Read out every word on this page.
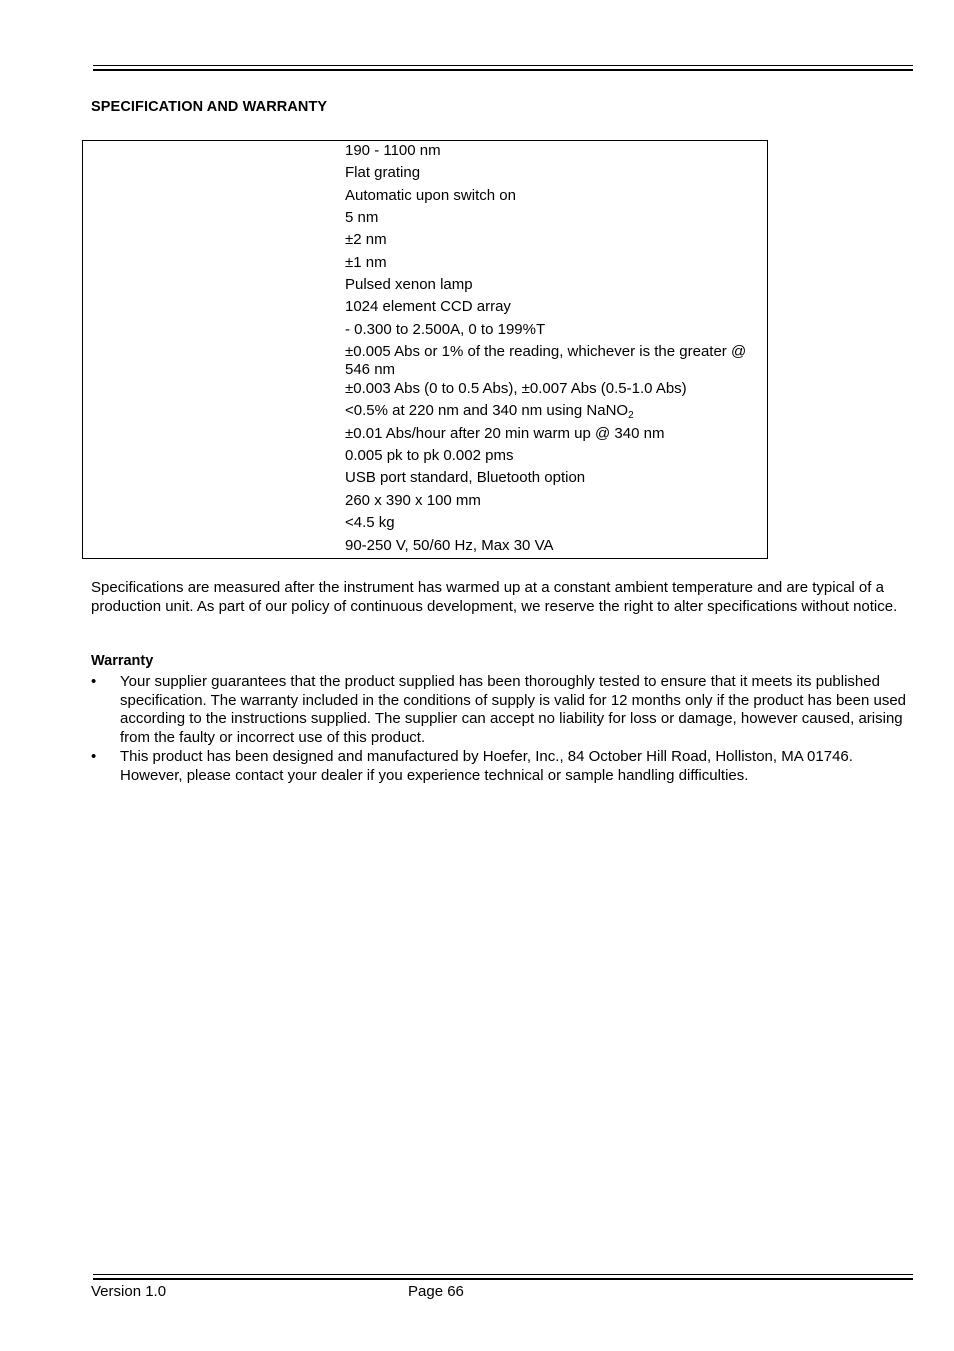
SPECIFICATION AND WARRANTY
190 - 1100 nm
Flat grating
Automatic upon switch on
5 nm
±2 nm
±1 nm
Pulsed xenon lamp
1024 element CCD array
- 0.300 to 2.500A, 0 to 199%T
±0.005 Abs or 1% of the reading, whichever is the greater @ 546 nm
±0.003 Abs (0 to 0.5 Abs), ±0.007 Abs (0.5-1.0 Abs)
<0.5% at 220 nm and 340 nm using NaNO$_2$
±0.01 Abs/hour after 20 min warm up @ 340 nm
0.005 pk to pk 0.002 pms
USB port standard, Bluetooth option
260 x 390 x 100 mm
<4.5 kg
90-250 V, 50/60 Hz, Max 30 VA
Specifications are measured after the instrument has warmed up at a constant ambient temperature and are typical of a production unit. As part of our policy of continuous development, we reserve the right to alter specifications without notice.
Warranty
•	Your supplier guarantees that the product supplied has been thoroughly tested to ensure that it meets its published specification. The warranty included in the conditions of supply is valid for 12 months only if the product has been used according to the instructions supplied. The supplier can accept no liability for loss or damage, however caused, arising from the faulty or incorrect use of this product.
•	This product has been designed and manufactured by Hoefer, Inc., 84 October Hill Road, Holliston, MA 01746. However, please contact your dealer if you experience technical or sample handling difficulties.
Version 1.0	Page 66
